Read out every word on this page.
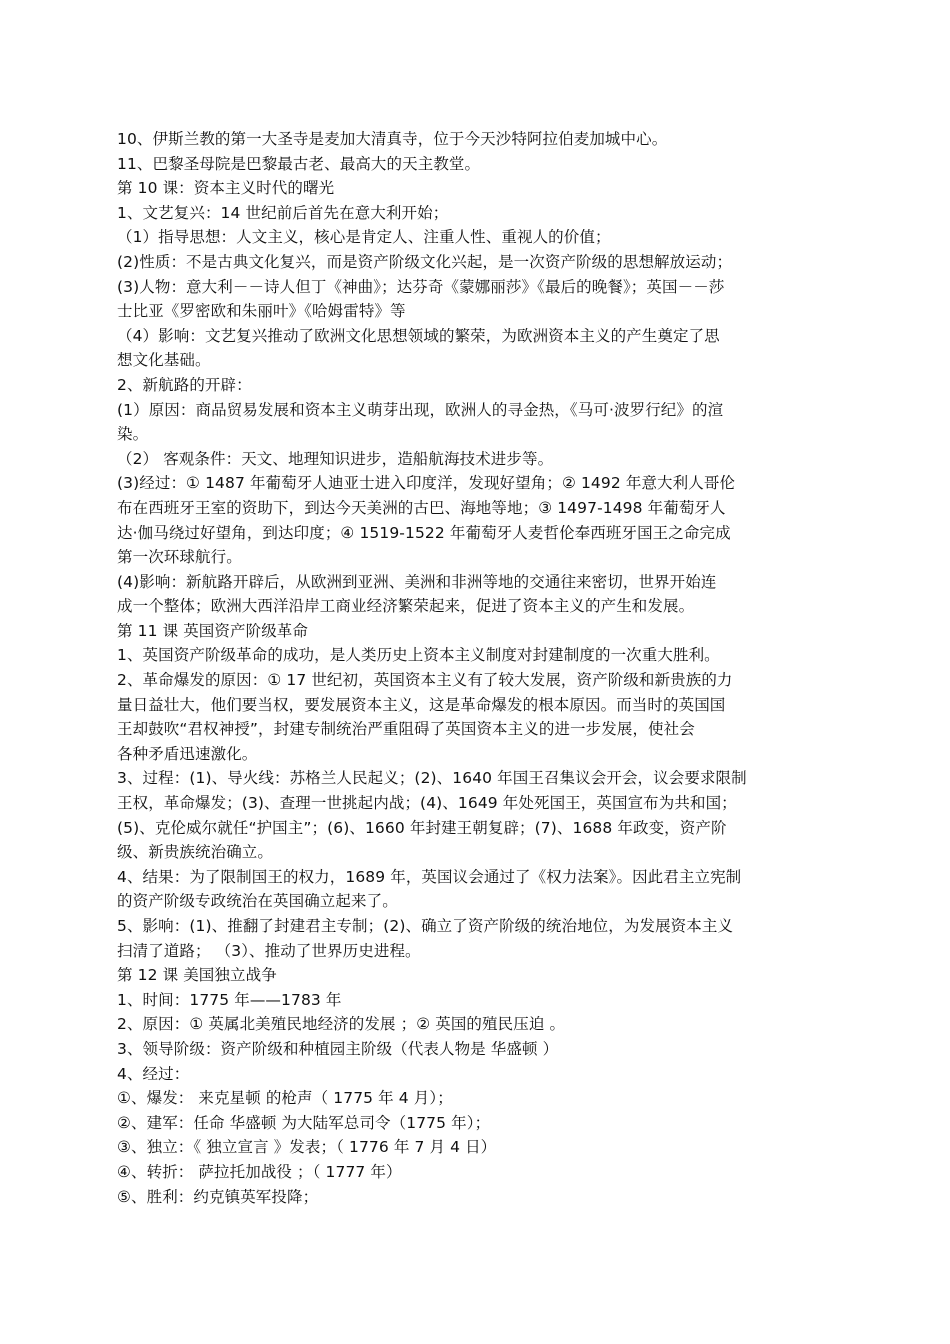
10、伊斯兰教的第一大圣寺是麦加大清真寺，位于今天沙特阿拉伯麦加城中心。
11、巴黎圣母院是巴黎最古老、最高大的天主教堂。
第 10 课：资本主义时代的曙光
1、文艺复兴：14 世纪前后首先在意大利开始；
（1）指导思想：人文主义，核心是肯定人、注重人性、重视人的价值；
(2)性质：不是古典文化复兴，而是资产阶级文化兴起，是一次资产阶级的思想解放运动；
(3)人物：意大利－－诗人但丁《神曲》；达芬奇《蒙娜丽莎》《最后的晚餐》；英国－－莎
士比亚《罗密欧和朱丽叶》《哈姆雷特》等
（4）影响：文艺复兴推动了欧洲文化思想领域的繁荣，为欧洲资本主义的产生奠定了思
想文化基础。
2、新航路的开辟：
(1）原因：商品贸易发展和资本主义萌芽出现，欧洲人的寻金热，《马可·波罗行纪》的渲
染。
（2） 客观条件：天文、地理知识进步，造船航海技术进步等。
(3)经过：① 1487 年葡萄牙人迪亚士进入印度洋，发现好望角；② 1492 年意大利人哥伦
布在西班牙王室的资助下，到达今天美洲的古巴、海地等地；③ 1497-1498 年葡萄牙人
达·伽马绕过好望角，到达印度；④ 1519-1522 年葡萄牙人麦哲伦奉西班牙国王之命完成
第一次环球航行。
(4)影响：新航路开辟后，从欧洲到亚洲、美洲和非洲等地的交通往来密切，世界开始连
成一个整体；欧洲大西洋沿岸工商业经济繁荣起来，促进了资本主义的产生和发展。
第 11 课 英国资产阶级革命
1、英国资产阶级革命的成功，是人类历史上资本主义制度对封建制度的一次重大胜利。
2、革命爆发的原因：① 17 世纪初，英国资本主义有了较大发展，资产阶级和新贵族的力
量日益壮大，他们要当权，要发展资本主义，这是革命爆发的根本原因。而当时的英国国
王却鼓吹“君权神授”，封建专制统治严重阻碍了英国资本主义的进一步发展，使社会
各种矛盾迅速激化。
3、过程：(1)、导火线：苏格兰人民起义；(2)、1640 年国王召集议会开会，议会要求限制
王权，革命爆发；(3)、查理一世挑起内战；(4)、1649 年处死国王，英国宣布为共和国；
(5)、克伦威尔就任“护国主”；(6)、1660 年封建王朝复辟；(7)、1688 年政变，资产阶
级、新贵族统治确立。
4、结果：为了限制国王的权力，1689 年，英国议会通过了《权力法案》。因此君主立宪制
的资产阶级专政统治在英国确立起来了。
5、影响：(1)、推翻了封建君主专制；(2)、确立了资产阶级的统治地位，为发展资本主义
扫清了道路； （3）、推动了世界历史进程。
第 12 课 美国独立战争
1、时间：1775 年——1783 年
2、原因：① 英属北美殖民地经济的发展 ；② 英国的殖民压迫 。
3、领导阶级：资产阶级和种植园主阶级（代表人物是 华盛顿 ）
4、经过：
①、爆发： 来克星顿 的枪声（ 1775 年 4 月）；
②、建军：任命 华盛顿 为大陆军总司令（1775 年）；
③、独立：《 独立宣言 》发表；（ 1776 年 7 月 4 日）
④、转折： 萨拉托加战役 ；（ 1777 年）
⑤、胜利：约克镇英军投降；
